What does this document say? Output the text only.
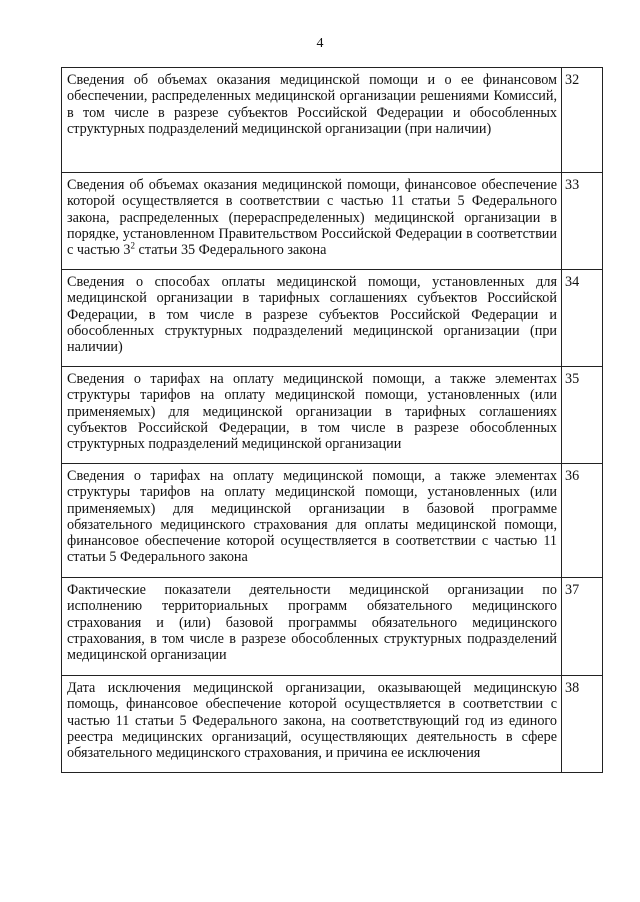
4
Сведения об объемах оказания медицинской помощи и о ее финансовом обеспечении, распределенных медицинской организации решениями Комиссий, в том числе в разрезе субъектов Российской Федерации и обособленных структурных подразделений медицинской организации (при наличии)	32
Сведения об объемах оказания медицинской помощи, финансовое обеспечение которой осуществляется в соответствии с частью 11 статьи 5 Федерального закона, распределенных (перераспределенных) медицинской организации в порядке, установленном Правительством Российской Федерации в соответствии с частью $3^2$ статьи 35 Федерального закона	33
Сведения о способах оплаты медицинской помощи, установленных для медицинской организации в тарифных соглашениях субъектов Российской Федерации, в том числе в разрезе субъектов Российской Федерации и обособленных структурных подразделений медицинской организации (при наличии)	34
Сведения о тарифах на оплату медицинской помощи, а также элементах структуры тарифов на оплату медицинской помощи, установленных (или применяемых) для медицинской организации в тарифных соглашениях субъектов Российской Федерации, в том числе в разрезе обособленных структурных подразделений медицинской организации	35
Сведения о тарифах на оплату медицинской помощи, а также элементах структуры тарифов на оплату медицинской помощи, установленных (или применяемых) для медицинской организации в базовой программе обязательного медицинского страхования для оплаты медицинской помощи, финансовое обеспечение которой осуществляется в соответствии с частью 11 статьи 5 Федерального закона	36
Фактические показатели деятельности медицинской организации по исполнению территориальных программ обязательного медицинского страхования и (или) базовой программы обязательного медицинского страхования, в том числе в разрезе обособленных структурных подразделений медицинской организации	37
Дата исключения медицинской организации, оказывающей медицинскую помощь, финансовое обеспечение которой осуществляется в соответствии с частью 11 статьи 5 Федерального закона, на соответствующий год из единого реестра медицинских организаций, осуществляющих деятельность в сфере обязательного медицинского страхования, и причина ее исключения	38
